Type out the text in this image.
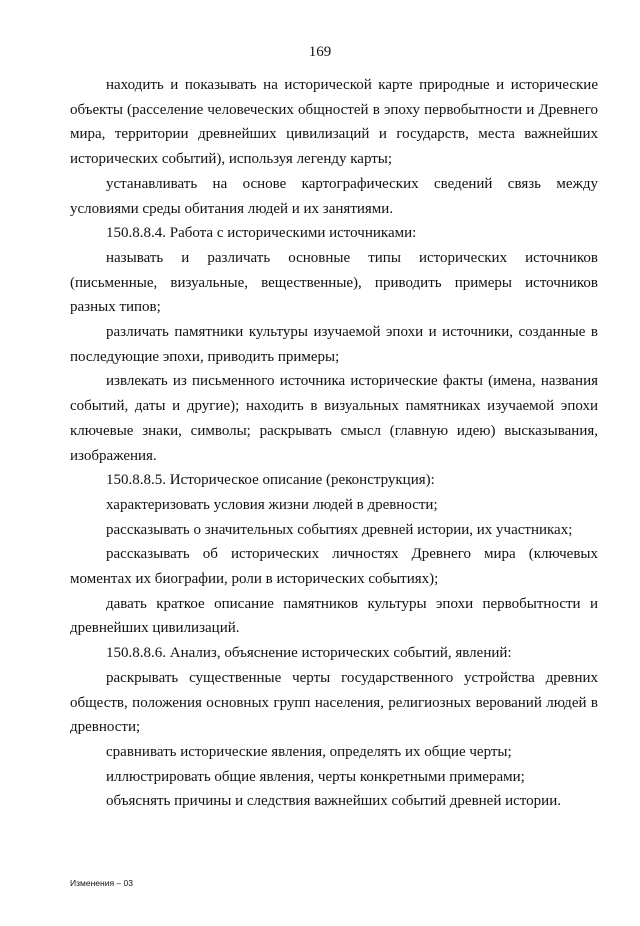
169

находить и показывать на исторической карте природные и исторические объекты (расселение человеческих общностей в эпоху первобытности и Древнего мира, территории древнейших цивилизаций и государств, места важнейших исторических событий), используя легенду карты;

устанавливать на основе картографических сведений связь между условиями среды обитания людей и их занятиями.

150.8.8.4. Работа с историческими источниками:

называть и различать основные типы исторических источников (письменные, визуальные, вещественные), приводить примеры источников разных типов;

различать памятники культуры изучаемой эпохи и источники, созданные в последующие эпохи, приводить примеры;

извлекать из письменного источника исторические факты (имена, названия событий, даты и другие); находить в визуальных памятниках изучаемой эпохи ключевые знаки, символы; раскрывать смысл (главную идею) высказывания, изображения.

150.8.8.5. Историческое описание (реконструкция):

характеризовать условия жизни людей в древности;

рассказывать о значительных событиях древней истории, их участниках;

рассказывать об исторических личностях Древнего мира (ключевых моментах их биографии, роли в исторических событиях);

давать краткое описание памятников культуры эпохи первобытности и древнейших цивилизаций.

150.8.8.6. Анализ, объяснение исторических событий, явлений:

раскрывать существенные черты государственного устройства древних обществ, положения основных групп населения, религиозных верований людей в древности;

сравнивать исторические явления, определять их общие черты;

иллюстрировать общие явления, черты конкретными примерами;

объяснять причины и следствия важнейших событий древней истории.

Изменения – 03
